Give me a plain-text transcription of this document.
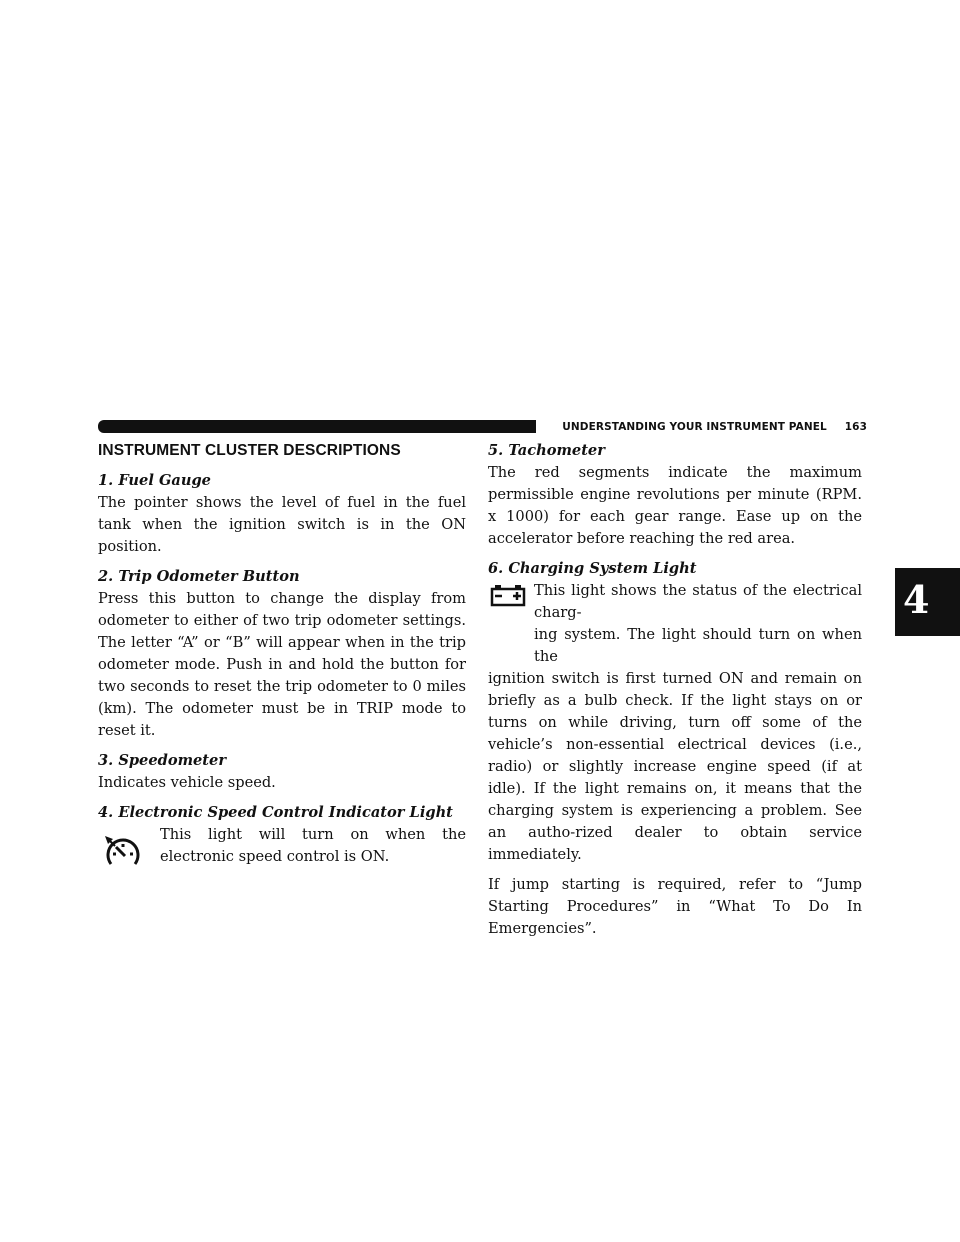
UNDERSTANDING YOUR INSTRUMENT PANEL 163
4
INSTRUMENT CLUSTER DESCRIPTIONS
1. Fuel Gauge

The pointer shows the level of fuel in the fuel tank when the ignition switch is in the ON position.

2. Trip Odometer Button

Press this button to change the display from odometer to either of two trip odometer settings. The letter “A” or “B” will appear when in the trip odometer mode. Push in and hold the button for two seconds to reset the trip odometer to 0 miles (km). The odometer must be in TRIP mode to reset it.

3. Speedometer

Indicates vehicle speed.

4. Electronic Speed Control Indicator Light

This light will turn on when the electronic speed control is ON.

5. Tachometer

The red segments indicate the maximum permissible engine revolutions per minute (RPM. x 1000) for each gear range. Ease up on the accelerator before reaching the red area.

6. Charging System Light

This light shows the status of the electrical charg-

ing system. The light should turn on when the

ignition switch is first turned ON and remain on briefly as a bulb check. If the light stays on or turns on while driving, turn off some of the vehicle’s non-essential electrical devices (i.e., radio) or slightly increase engine speed (if at idle). If the light remains on, it means that the charging system is experiencing a problem. See an autho-rized dealer to obtain service immediately.

If jump starting is required, refer to “Jump Starting Procedures” in “What To Do In Emergencies”.
